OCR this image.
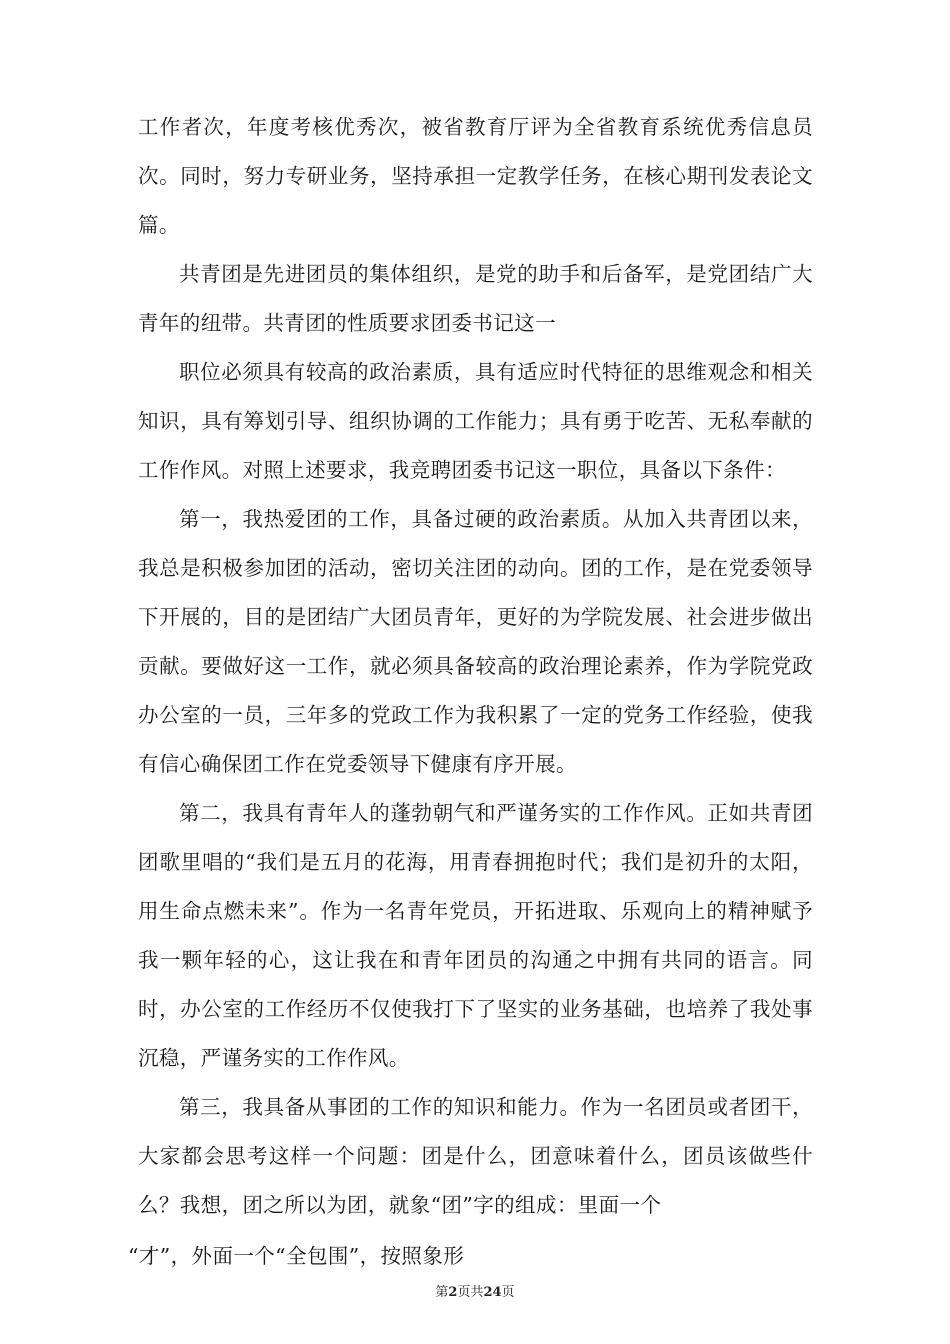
工作者次，年度考核优秀次，被省教育厅评为全省教育系统优秀信息员次。同时，努力专研业务，坚持承担一定教学任务，在核心期刊发表论文篇。

共青团是先进团员的集体组织，是党的助手和后备军，是党团结广大青年的纽带。共青团的性质要求团委书记这一

职位必须具有较高的政治素质，具有适应时代特征的思维观念和相关知识，具有筹划引导、组织协调的工作能力；具有勇于吃苦、无私奉献的工作作风。对照上述要求，我竞聘团委书记这一职位，具备以下条件：

第一，我热爱团的工作，具备过硬的政治素质。从加入共青团以来，我总是积极参加团的活动，密切关注团的动向。团的工作，是在党委领导下开展的，目的是团结广大团员青年，更好的为学院发展、社会进步做出贡献。要做好这一工作，就必须具备较高的政治理论素养，作为学院党政办公室的一员，三年多的党政工作为我积累了一定的党务工作经验，使我有信心确保团工作在党委领导下健康有序开展。

第二，我具有青年人的蓬勃朝气和严谨务实的工作作风。正如共青团团歌里唱的“我们是五月的花海，用青春拥抱时代；我们是初升的太阳，用生命点燃未来”。作为一名青年党员，开拓进取、乐观向上的精神赋予我一颗年轻的心，这让我在和青年团员的沟通之中拥有共同的语言。同时，办公室的工作经历不仅使我打下了坚实的业务基础，也培养了我处事沉稳，严谨务实的工作作风。

第三，我具备从事团的工作的知识和能力。作为一名团员或者团干，大家都会思考这样一个问题：团是什么，团意味着什么，团员该做些什么？我想，团之所以为团，就象“团”字的组成：里面一个

“才”，外面一个“全包围”，按照象形

第2页共24页
